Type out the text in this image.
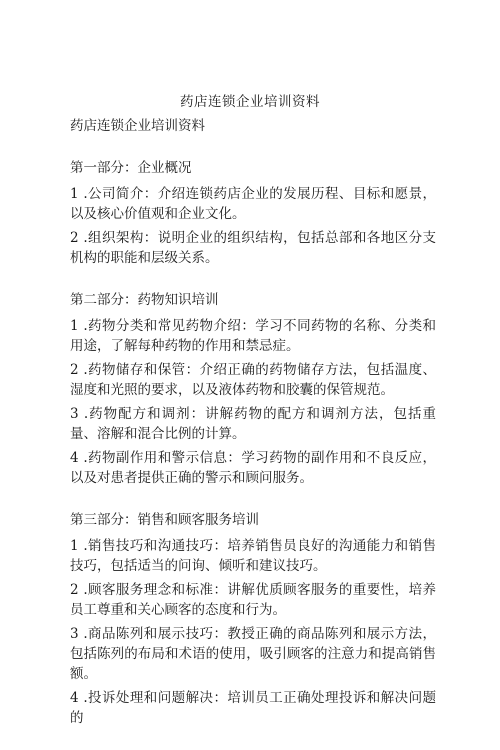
药店连锁企业培训资料
药店连锁企业培训资料
第一部分：企业概况
1 .公司简介：介绍连锁药店企业的发展历程、目标和愿景，以及核心价值观和企业文化。
2 .组织架构：说明企业的组织结构，包括总部和各地区分支机构的职能和层级关系。
第二部分：药物知识培训
1 .药物分类和常见药物介绍：学习不同药物的名称、分类和用途，了解每种药物的作用和禁忌症。
2 .药物储存和保管：介绍正确的药物储存方法，包括温度、湿度和光照的要求，以及液体药物和胶囊的保管规范。
3 .药物配方和调剂：讲解药物的配方和调剂方法，包括重量、溶解和混合比例的计算。
4 .药物副作用和警示信息：学习药物的副作用和不良反应，以及对患者提供正确的警示和顾问服务。
第三部分：销售和顾客服务培训
1 .销售技巧和沟通技巧：培养销售员良好的沟通能力和销售技巧，包括适当的问询、倾听和建议技巧。
2 .顾客服务理念和标准：讲解优质顾客服务的重要性，培养员工尊重和关心顾客的态度和行为。
3 .商品陈列和展示技巧：教授正确的商品陈列和展示方法，包括陈列的布局和术语的使用，吸引顾客的注意力和提高销售额。
4 .投诉处理和问题解决：培训员工正确处理投诉和解决问题的
